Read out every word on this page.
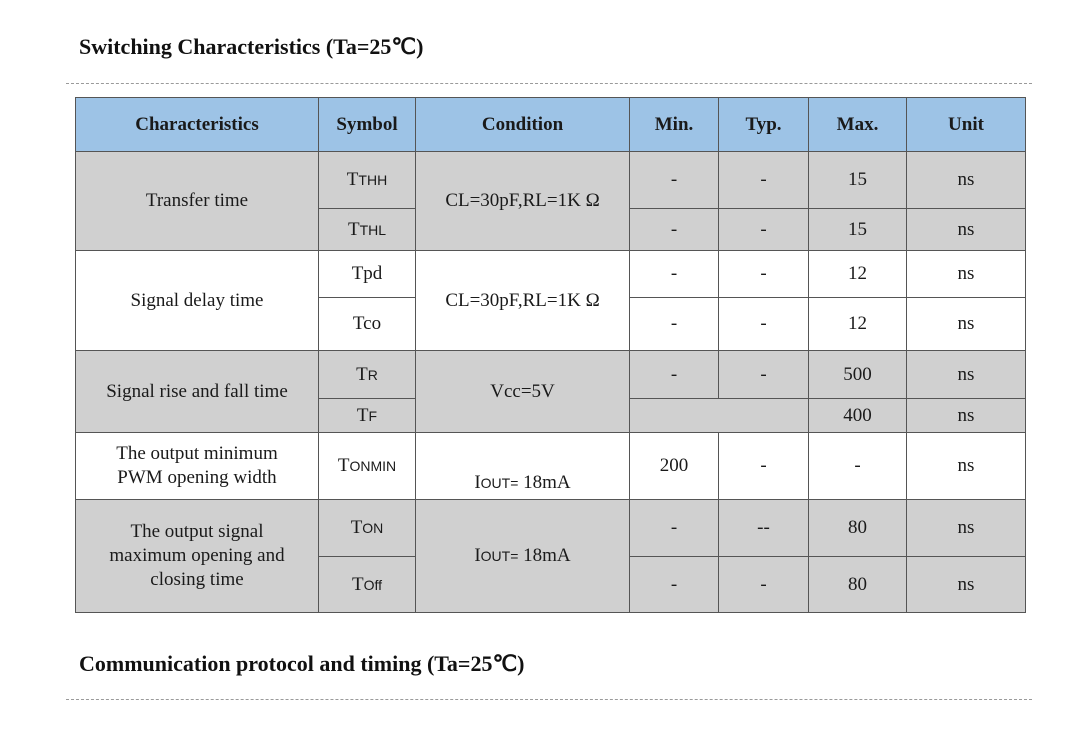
Switching Characteristics (Ta=25℃)
Characteristics	Symbol	Condition	Min.	Typ.	Max.	Unit
Transfer time	TTHH	CL=30pF,RL=1K Ω	-	-	15	ns
	TTHL		-	-	15	ns
Signal delay time	Tpd	CL=30pF,RL=1K Ω	-	-	12	ns
	Tco		-	-	12	ns
Signal rise and fall time	TR	Vcc=5V	-	-	500	ns
	TF				400	ns

The output minimum
PWM opening width	TONMIN	IOUT= 18mA	200	-	-	ns

The output signal
maximum opening and
closing time	TON	IOUT= 18mA	-	--	80	ns
	TOff		-	-	80	ns
Communication protocol and timing (Ta=25℃)
